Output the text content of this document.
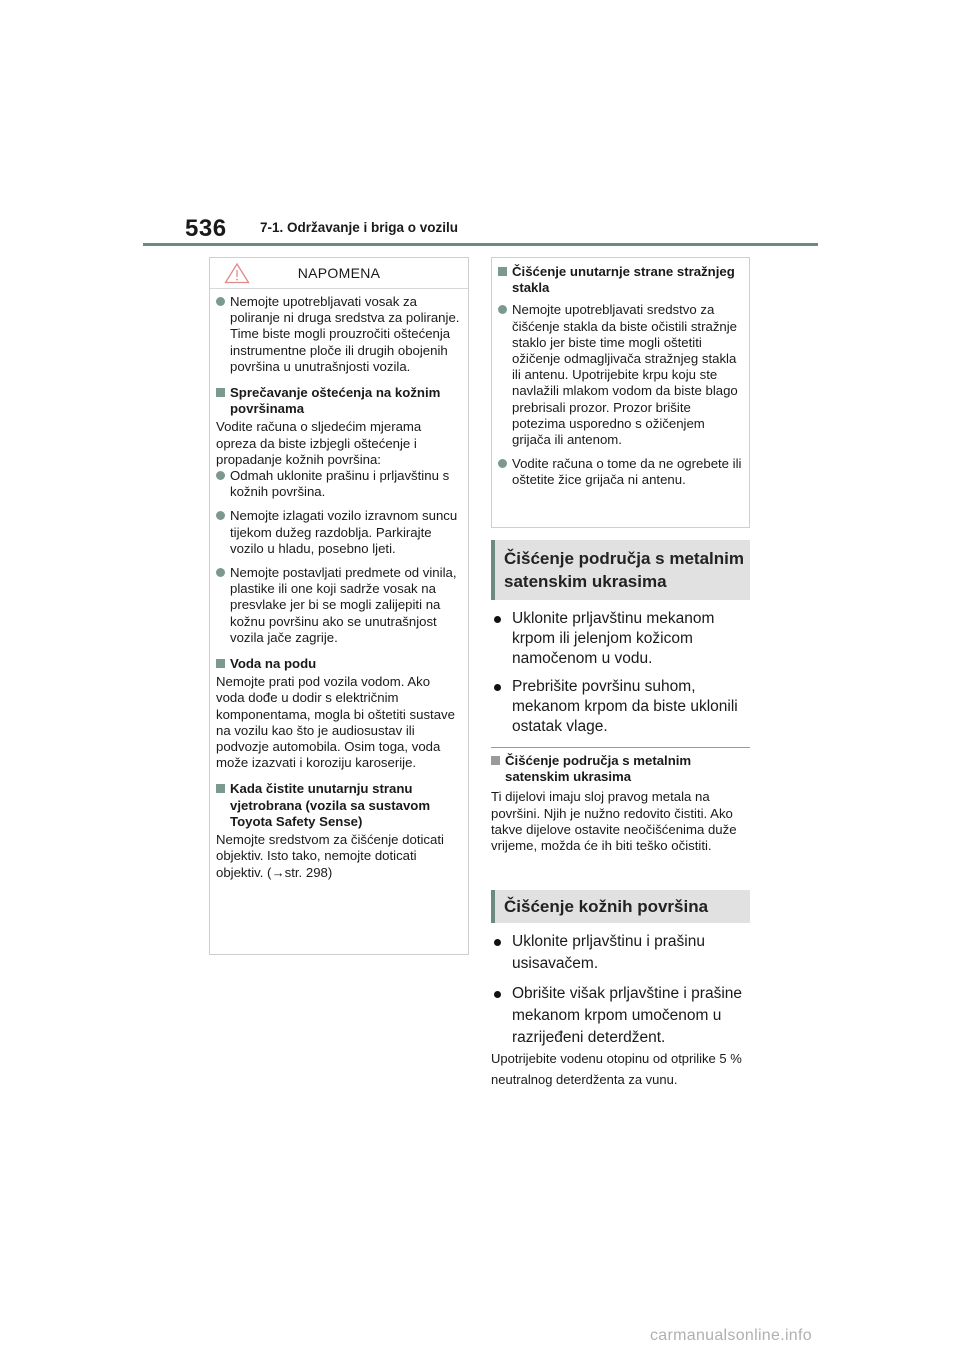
536 7-1. Održavanje i briga o vozilu
NAPOMENA
Nemojte upotrebljavati vosak za poliranje ni druga sredstva za poliranje. Time biste mogli prouzročiti oštećenja instrumentne ploče ili drugih obojenih površina u unutrašnjosti vozila.
Sprečavanje oštećenja na kožnim površinama

Vodite računa o sljedećim mjerama opreza da biste izbjegli oštećenje i propadanje kožnih površina:

Odmah uklonite prašinu i prljavštinu s kožnih površina.
Nemojte izlagati vozilo izravnom suncu tijekom dužeg razdoblja. Parkirajte vozilo u hladu, posebno ljeti.
Nemojte postavljati predmete od vinila, plastike ili one koji sadrže vosak na presvlake jer bi se mogli zalijepiti na kožnu površinu ako se unutrašnjost vozila jače zagrije.
Voda na podu

Nemojte prati pod vozila vodom. Ako voda dođe u dodir s električnim komponentama, mogla bi oštetiti sustave na vozilu kao što je audiosustav ili podvozje automobila. Osim toga, voda može izazvati i koroziju karoserije.

Kada čistite unutarnju stranu vjetrobrana (vozila sa sustavom Toyota Safety Sense)

Nemojte sredstvom za čišćenje doticati objektiv. Isto tako, nemojte doticati objektiv. (→str. 298)

Čišćenje unutarnje strane stražnjeg stakla
Nemojte upotrebljavati sredstvo za čišćenje stakla da biste očistili stražnje staklo jer biste time mogli oštetiti ožičenje odmagljivača stražnjeg stakla ili antenu. Upotrijebite krpu koju ste navlažili mlakom vodom da biste blago prebrisali prozor. Prozor brišite potezima usporedno s ožičenjem grijača ili antenom.
Vodite računa o tome da ne ogrebete ili oštetite žice grijača ni antenu.
Čišćenje područja s metalnim satenskim ukrasima
Uklonite prljavštinu mekanom krpom ili jelenjom kožicom namočenom u vodu.
Prebrišite površinu suhom, mekanom krpom da biste uklonili ostatak vlage.
Čišćenje područja s metalnim satenskim ukrasima

Ti dijelovi imaju sloj pravog metala na površini. Njih je nužno redovito čistiti. Ako takve dijelove ostavite neočišćenima duže vrijeme, možda će ih biti teško očistiti.

Čišćenje kožnih površina
Uklonite prljavštinu i prašinu usisavačem.
Obrišite višak prljavštine i prašine mekanom krpom umočenom u razrijeđeni deterdžent.
Upotrijebite vodenu otopinu od otprilike 5 % neutralnog deterdženta za vunu.
carmanualsonline.info
